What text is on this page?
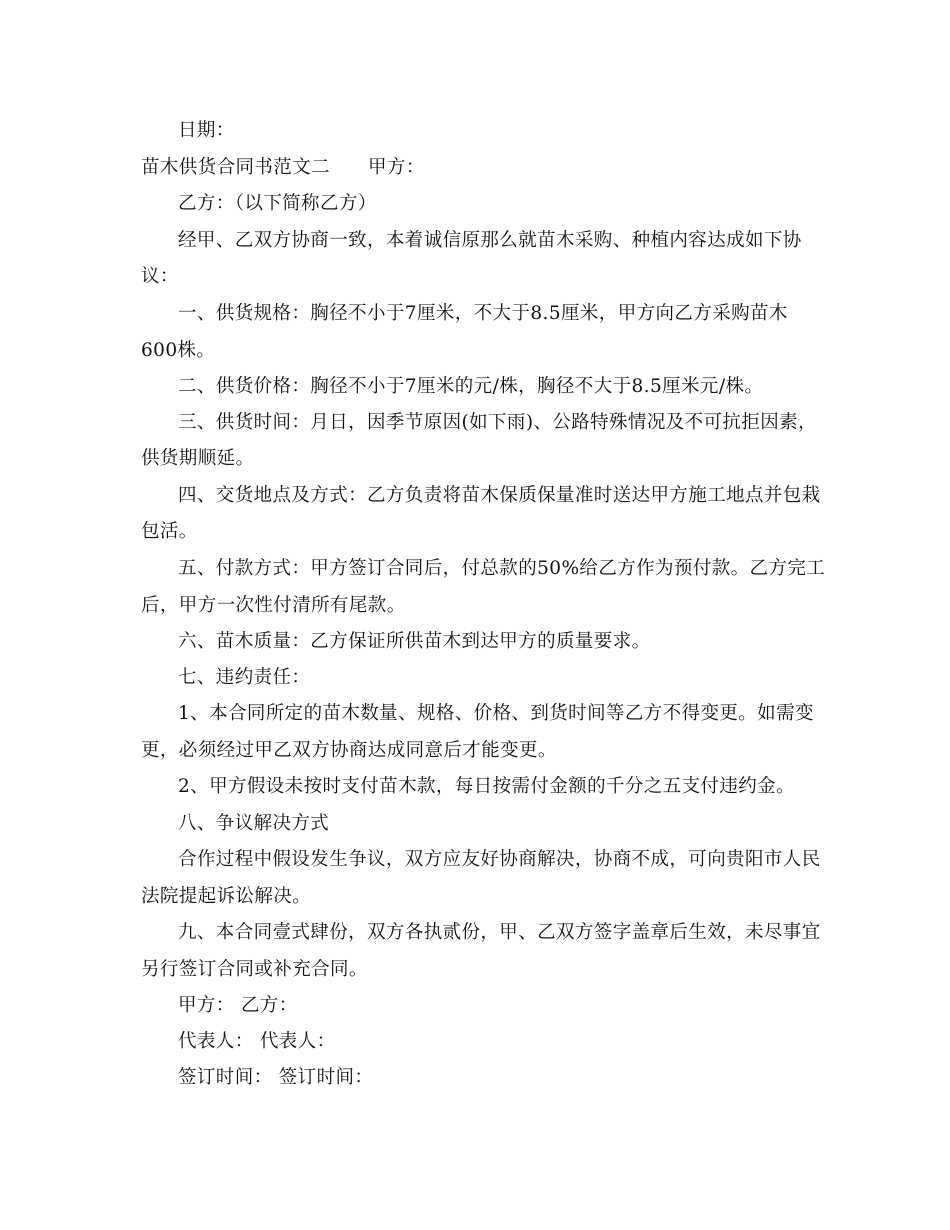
日期：
苗木供货合同书范文二 甲方：
乙方：（以下简称乙方）
经甲、乙双方协商一致，本着诚信原那么就苗木采购、种植内容达成如下协
议：
一、供货规格：胸径不小于7厘米，不大于8.5厘米，甲方向乙方采购苗木
600株。
二、供货价格：胸径不小于7厘米的元/株，胸径不大于8.5厘米元/株。
三、供货时间：月日，因季节原因(如下雨)、公路特殊情况及不可抗拒因素，
供货期顺延。
四、交货地点及方式：乙方负责将苗木保质保量准时送达甲方施工地点并包栽
包活。
五、付款方式：甲方签订合同后，付总款的50%给乙方作为预付款。乙方完工
后，甲方一次性付清所有尾款。
六、苗木质量：乙方保证所供苗木到达甲方的质量要求。
七、违约责任：
1、本合同所定的苗木数量、规格、价格、到货时间等乙方不得变更。如需变
更，必须经过甲乙双方协商达成同意后才能变更。
2、甲方假设未按时支付苗木款，每日按需付金额的千分之五支付违约金。
八、争议解决方式
合作过程中假设发生争议，双方应友好协商解决，协商不成，可向贵阳市人民
法院提起诉讼解决。
九、本合同壹式肆份，双方各执贰份，甲、乙双方签字盖章后生效，未尽事宜
另行签订合同或补充合同。
甲方： 乙方：
代表人： 代表人：
签订时间： 签订时间：
